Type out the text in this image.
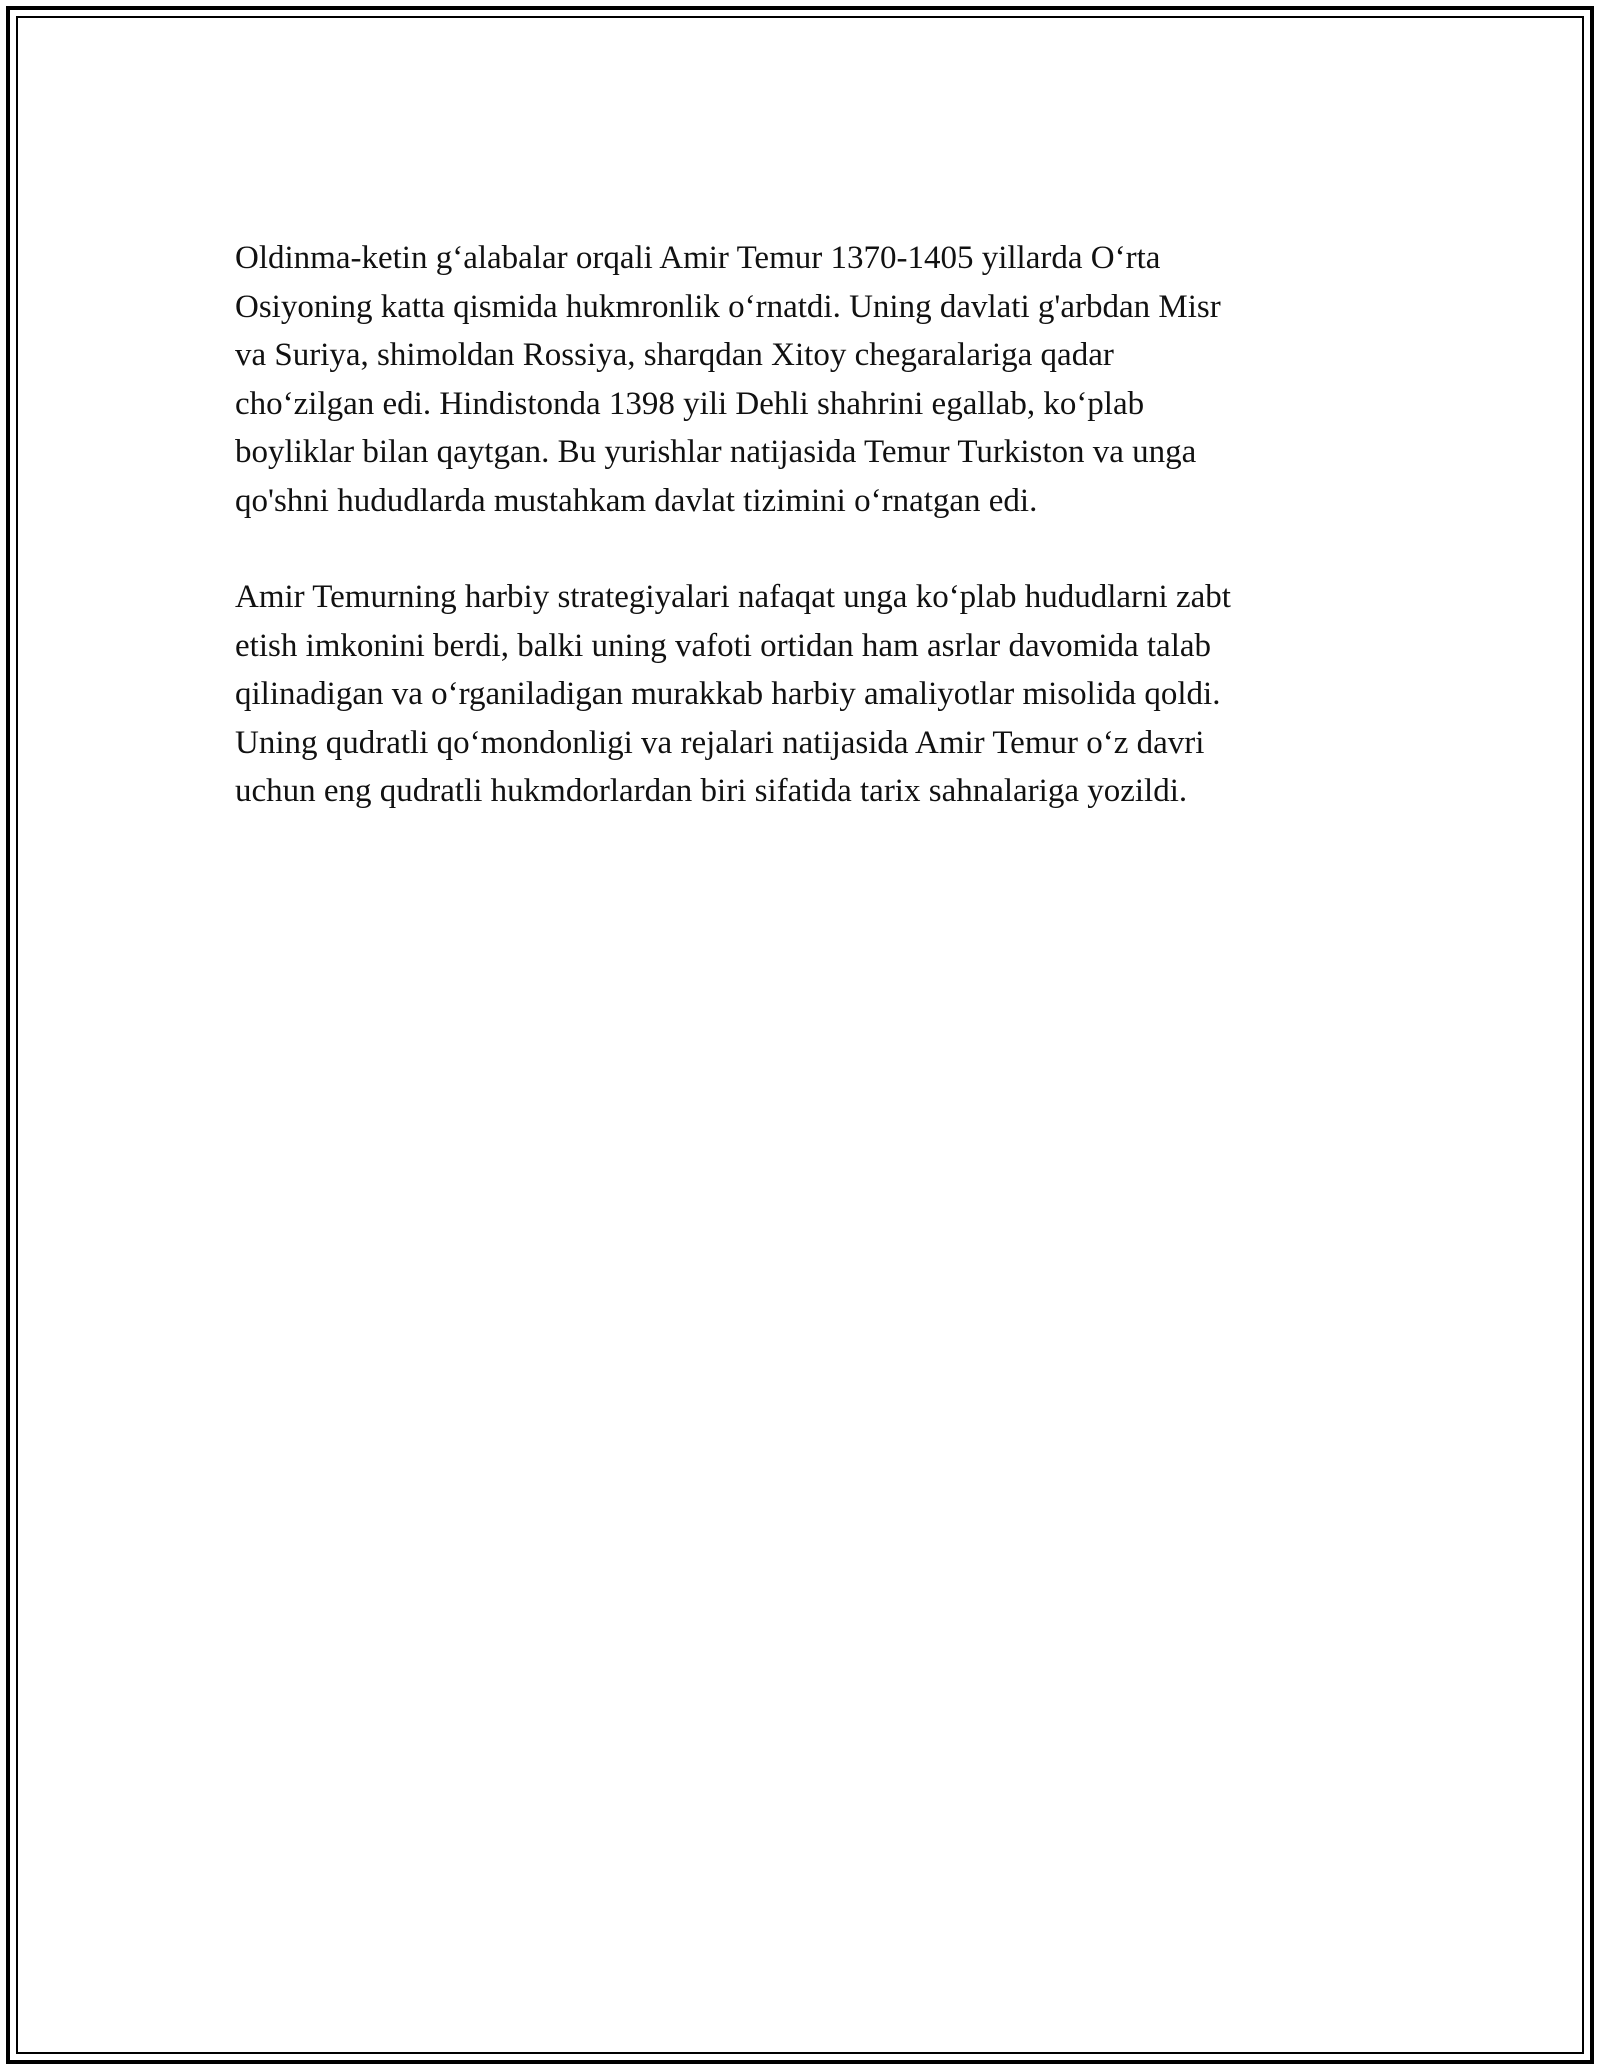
Oldinma-ketin g‘alabalar orqali Amir Temur 1370-1405 yillarda O‘rta
Osiyoning katta qismida hukmronlik o‘rnatdi. Uning davlati g'arbdan Misr
va Suriya, shimoldan Rossiya, sharqdan Xitoy chegaralariga qadar
cho‘zilgan edi. Hindistonda 1398 yili Dehli shahrini egallab, ko‘plab
boyliklar bilan qaytgan. Bu yurishlar natijasida Temur Turkiston va unga
qo'shni hududlarda mustahkam davlat tizimini o‘rnatgan edi.

Amir Temurning harbiy strategiyalari nafaqat unga ko‘plab hududlarni zabt
etish imkonini berdi, balki uning vafoti ortidan ham asrlar davomida talab
qilinadigan va o‘rganiladigan murakkab harbiy amaliyotlar misolida qoldi.
Uning qudratli qo‘mondonligi va rejalari natijasida Amir Temur o‘z davri
uchun eng qudratli hukmdorlardan biri sifatida tarix sahnalariga yozildi.
